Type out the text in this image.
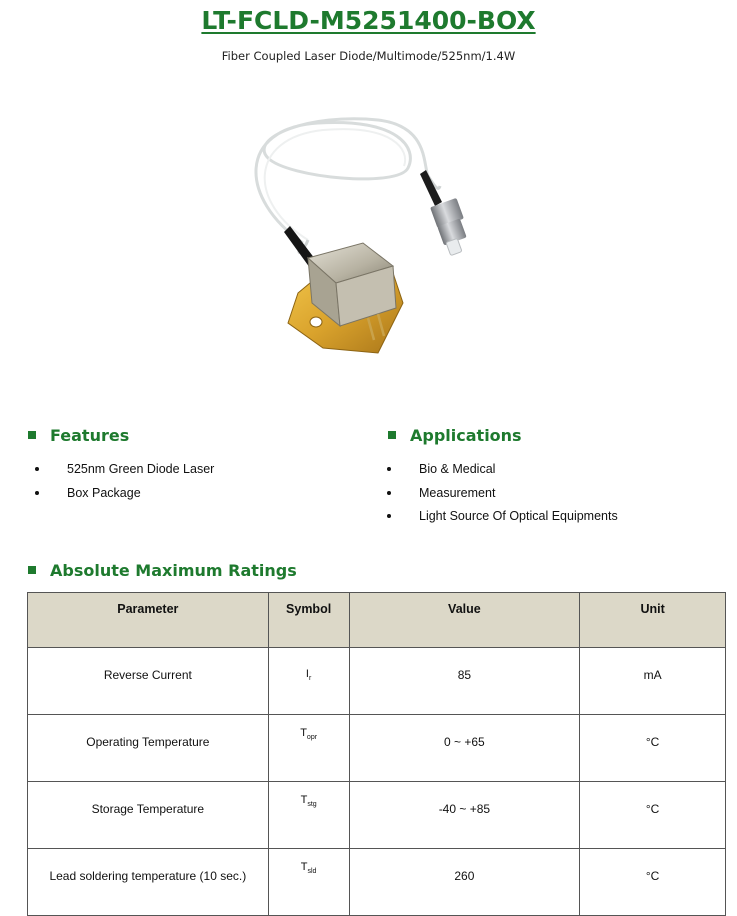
LT-FCLD-M5251400-BOX
Fiber Coupled Laser Diode/Multimode/525nm/1.4W
Features
525nm Green Diode Laser
Box Package
Applications
Bio & Medical
Measurement
Light Source Of Optical Equipments
Absolute Maximum Ratings
Parameter	Symbol	Value	Unit
Reverse Current	$I_r$	85	mA
Operating Temperature	$T_{opr}$	0 ~ +65	°C
Storage Temperature	$T_{stg}$	-40 ~ +85	°C
Lead soldering temperature (10 sec.)	$T_{sld}$	260	°C
